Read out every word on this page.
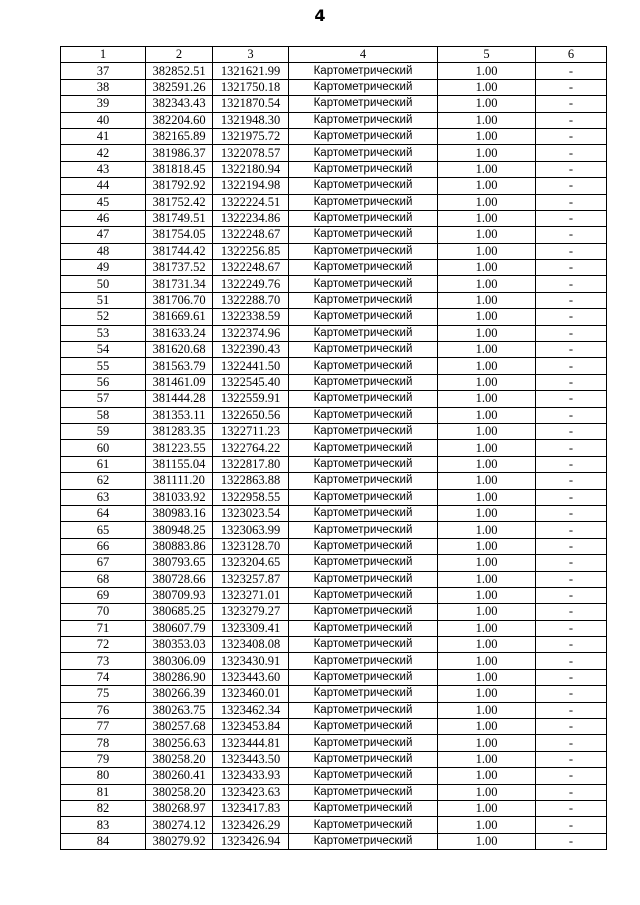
4
1	2	3	4	5	6
37	382852.51	1321621.99	Картометрический	1.00	-
38	382591.26	1321750.18	Картометрический	1.00	-
39	382343.43	1321870.54	Картометрический	1.00	-
40	382204.60	1321948.30	Картометрический	1.00	-
41	382165.89	1321975.72	Картометрический	1.00	-
42	381986.37	1322078.57	Картометрический	1.00	-
43	381818.45	1322180.94	Картометрический	1.00	-
44	381792.92	1322194.98	Картометрический	1.00	-
45	381752.42	1322224.51	Картометрический	1.00	-
46	381749.51	1322234.86	Картометрический	1.00	-
47	381754.05	1322248.67	Картометрический	1.00	-
48	381744.42	1322256.85	Картометрический	1.00	-
49	381737.52	1322248.67	Картометрический	1.00	-
50	381731.34	1322249.76	Картометрический	1.00	-
51	381706.70	1322288.70	Картометрический	1.00	-
52	381669.61	1322338.59	Картометрический	1.00	-
53	381633.24	1322374.96	Картометрический	1.00	-
54	381620.68	1322390.43	Картометрический	1.00	-
55	381563.79	1322441.50	Картометрический	1.00	-
56	381461.09	1322545.40	Картометрический	1.00	-
57	381444.28	1322559.91	Картометрический	1.00	-
58	381353.11	1322650.56	Картометрический	1.00	-
59	381283.35	1322711.23	Картометрический	1.00	-
60	381223.55	1322764.22	Картометрический	1.00	-
61	381155.04	1322817.80	Картометрический	1.00	-
62	381111.20	1322863.88	Картометрический	1.00	-
63	381033.92	1322958.55	Картометрический	1.00	-
64	380983.16	1323023.54	Картометрический	1.00	-
65	380948.25	1323063.99	Картометрический	1.00	-
66	380883.86	1323128.70	Картометрический	1.00	-
67	380793.65	1323204.65	Картометрический	1.00	-
68	380728.66	1323257.87	Картометрический	1.00	-
69	380709.93	1323271.01	Картометрический	1.00	-
70	380685.25	1323279.27	Картометрический	1.00	-
71	380607.79	1323309.41	Картометрический	1.00	-
72	380353.03	1323408.08	Картометрический	1.00	-
73	380306.09	1323430.91	Картометрический	1.00	-
74	380286.90	1323443.60	Картометрический	1.00	-
75	380266.39	1323460.01	Картометрический	1.00	-
76	380263.75	1323462.34	Картометрический	1.00	-
77	380257.68	1323453.84	Картометрический	1.00	-
78	380256.63	1323444.81	Картометрический	1.00	-
79	380258.20	1323443.50	Картометрический	1.00	-
80	380260.41	1323433.93	Картометрический	1.00	-
81	380258.20	1323423.63	Картометрический	1.00	-
82	380268.97	1323417.83	Картометрический	1.00	-
83	380274.12	1323426.29	Картометрический	1.00	-
84	380279.92	1323426.94	Картометрический	1.00	-
